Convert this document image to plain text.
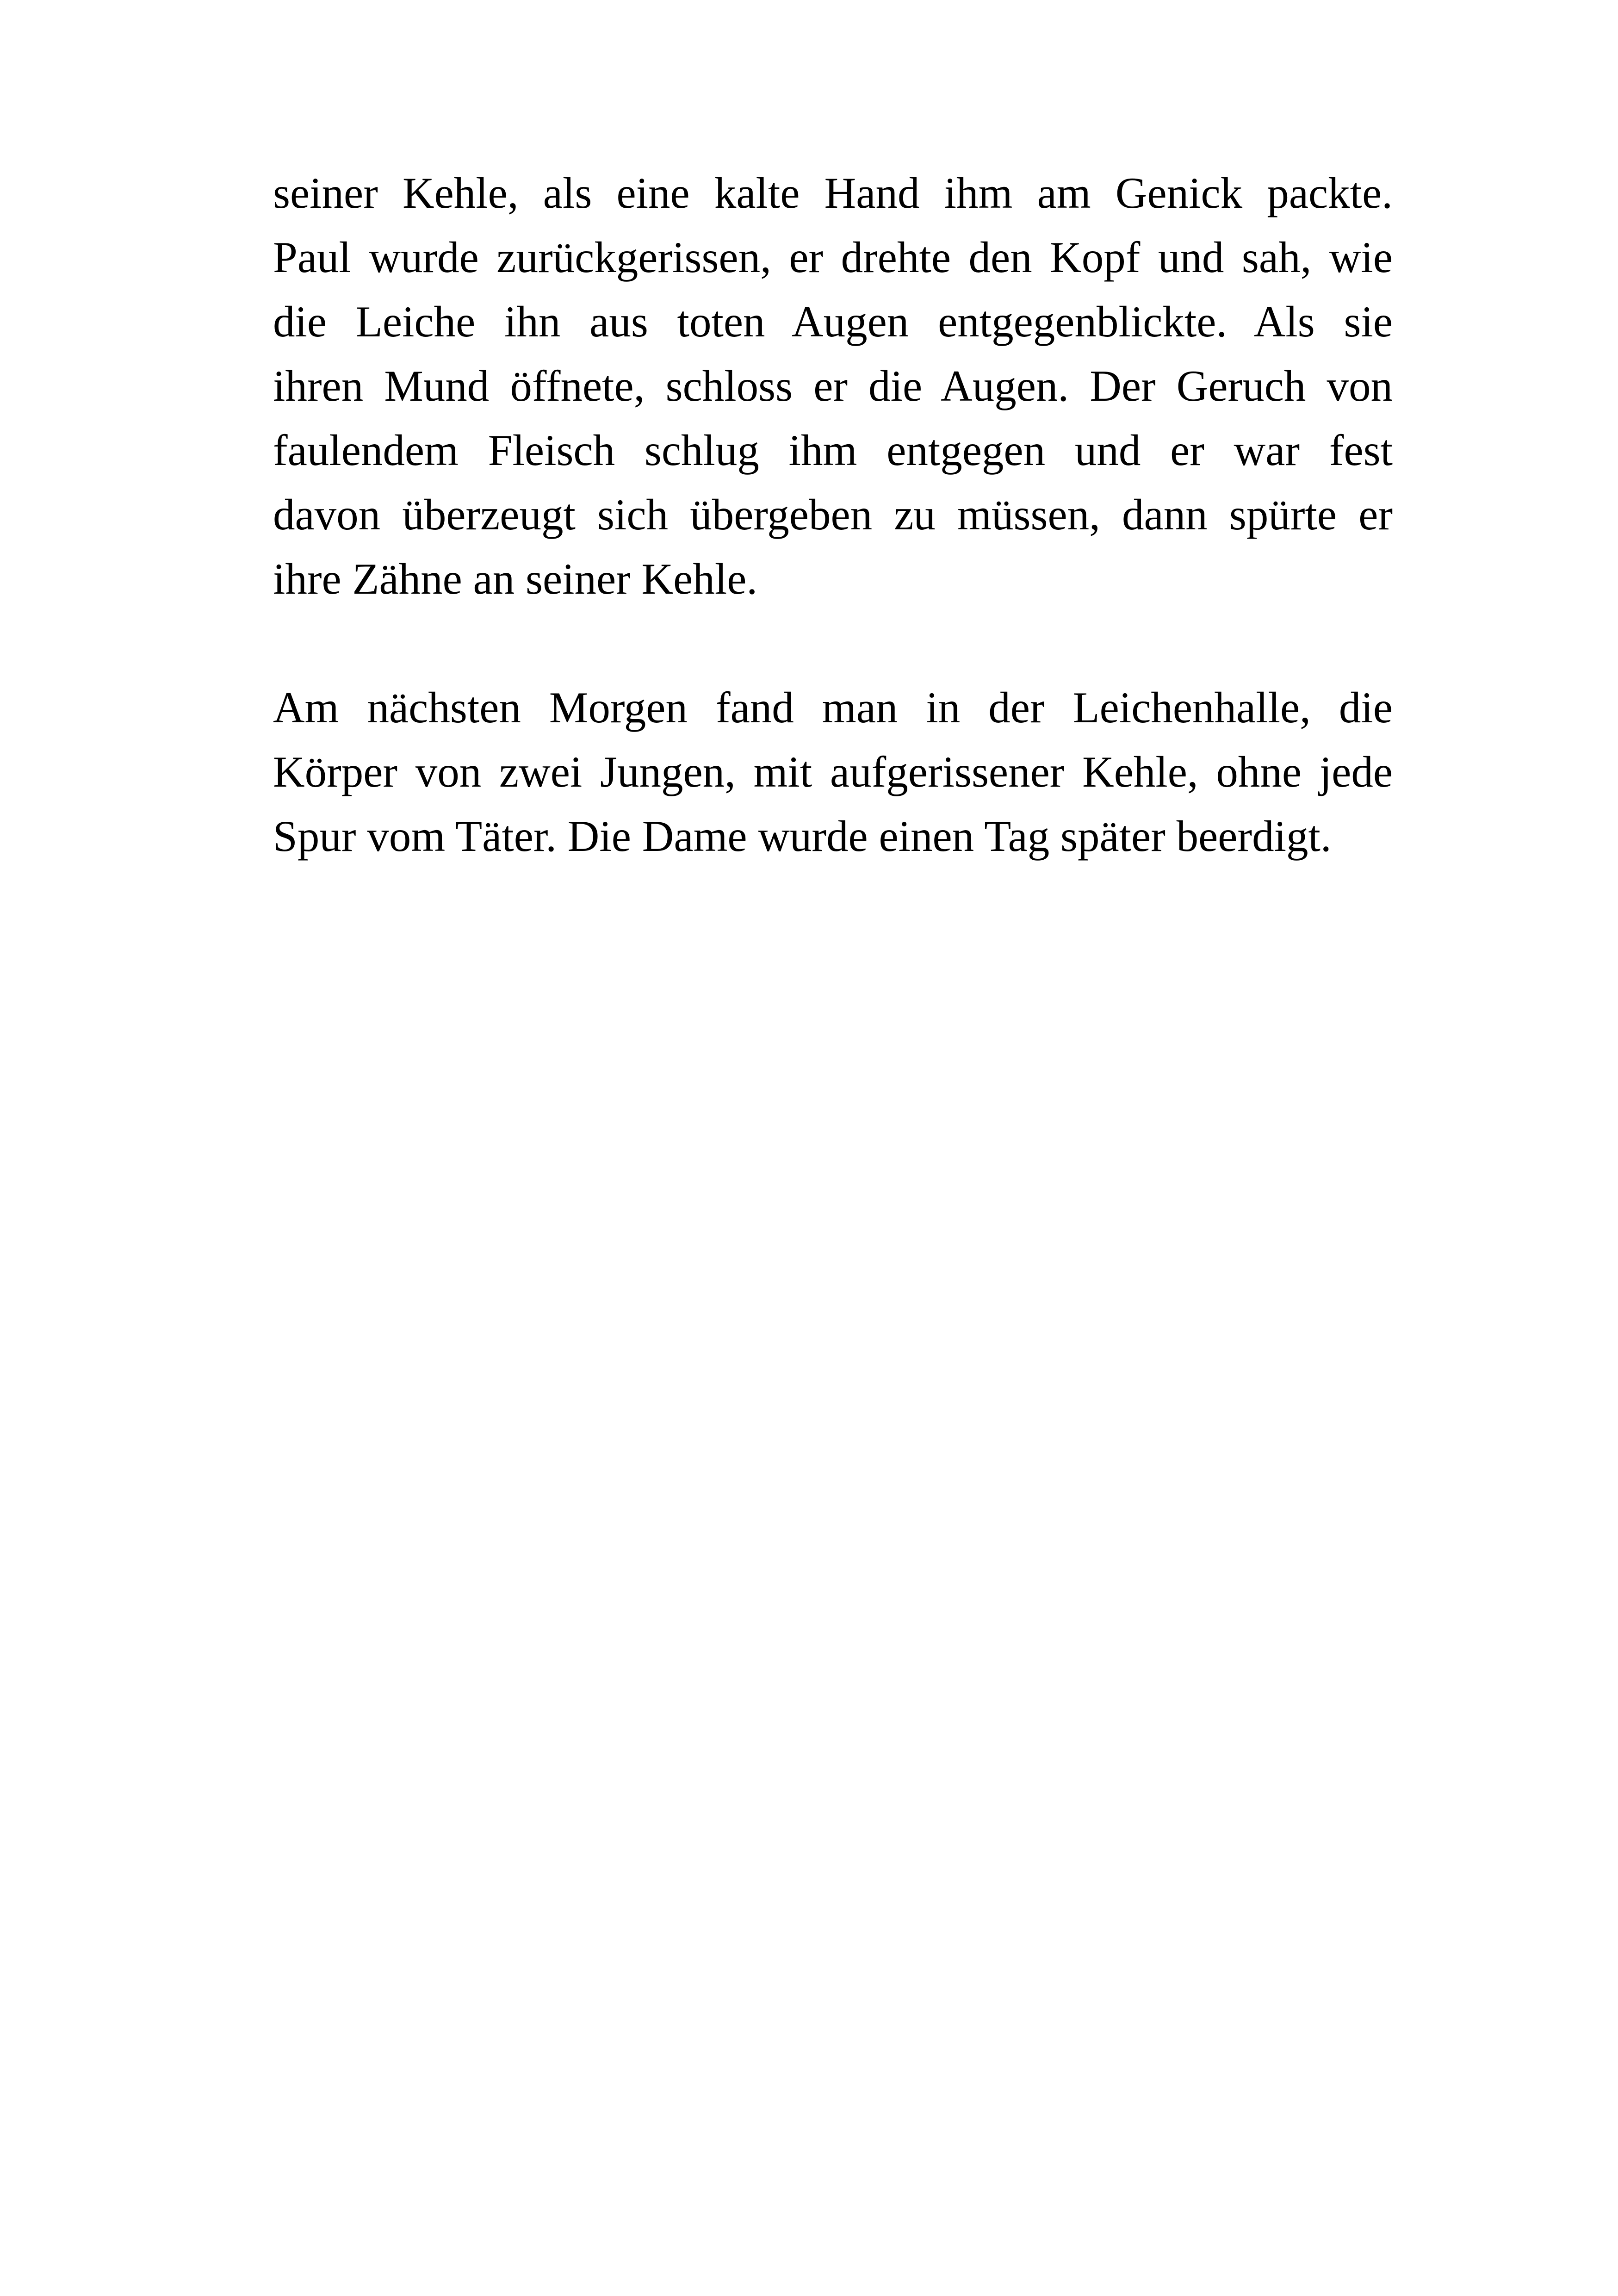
seiner Kehle, als eine kalte Hand ihm am Genick packte.
Paul wurde zurückgerissen, er drehte den Kopf und sah, wie
die Leiche ihn aus toten Augen entgegenblickte. Als sie
ihren Mund öffnete, schloss er die Augen. Der Geruch von
faulendem Fleisch schlug ihm entgegen und er war fest
davon überzeugt sich übergeben zu müssen, dann spürte er
ihre Zähne an seiner Kehle.
Am nächsten Morgen fand man in der Leichenhalle, die
Körper von zwei Jungen, mit aufgerissener Kehle, ohne jede
Spur vom Täter. Die Dame wurde einen Tag später beerdigt.
